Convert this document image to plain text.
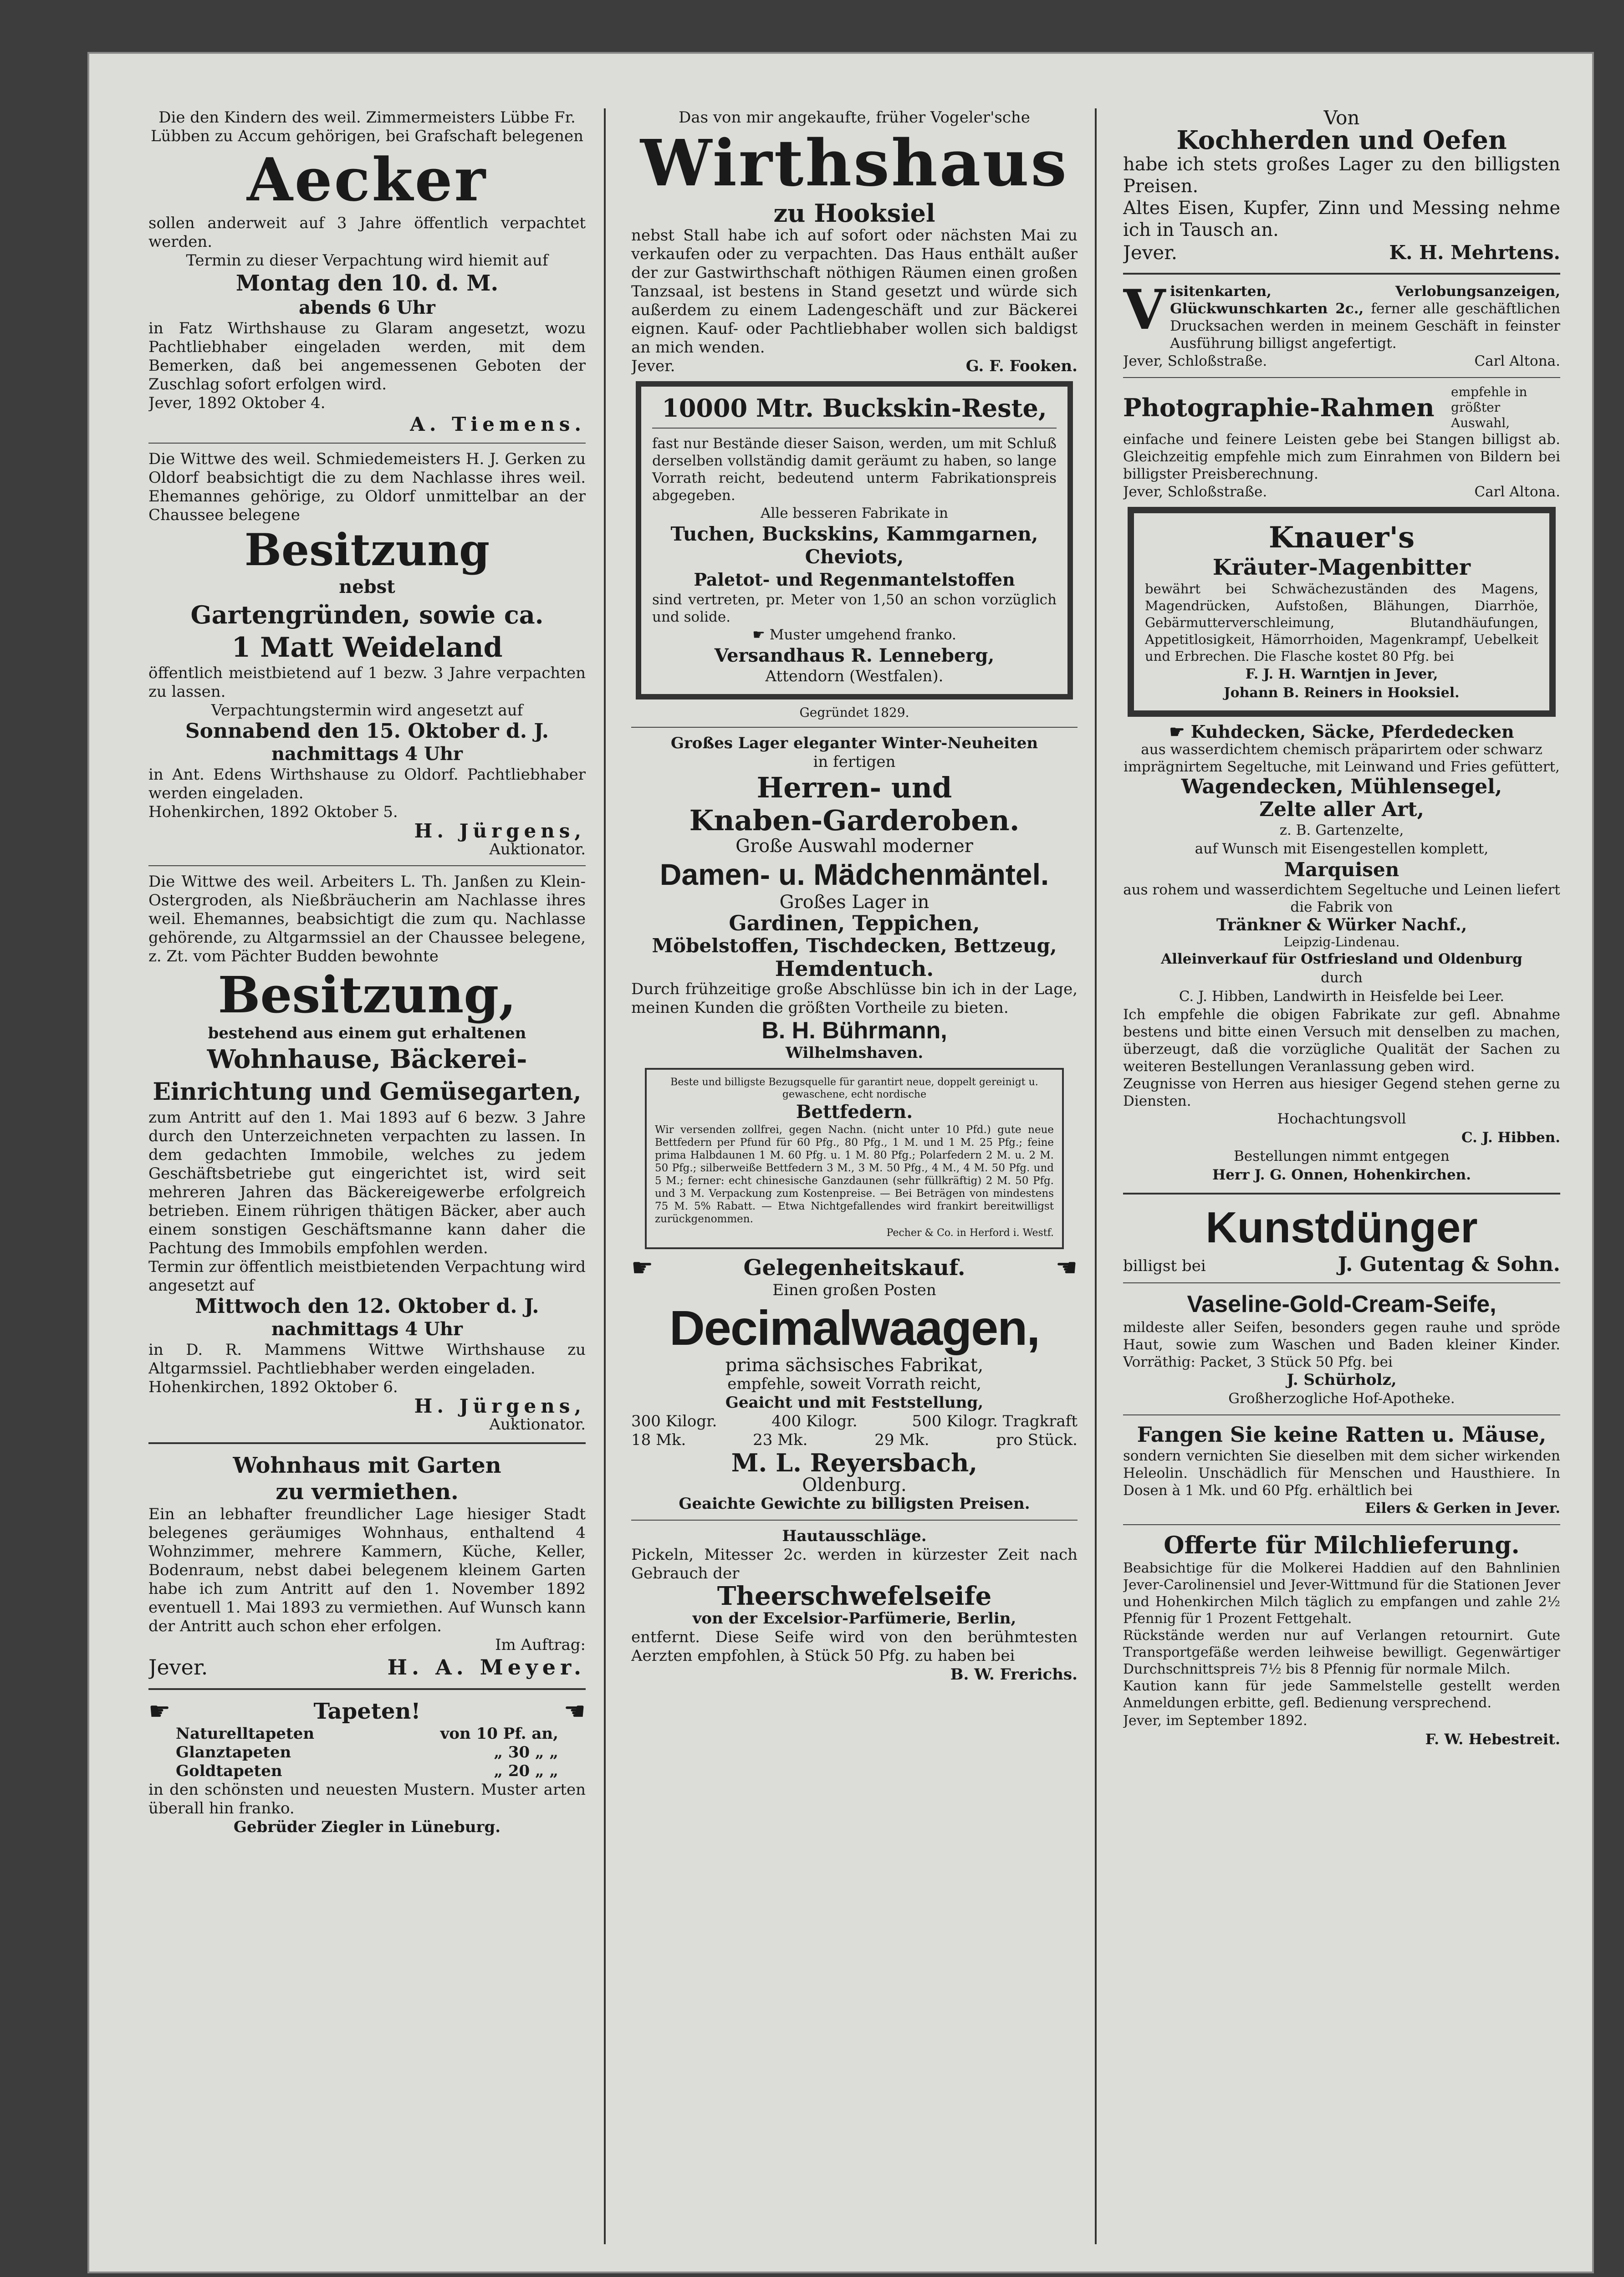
Die den Kindern des weil. Zimmermeisters Lübbe Fr. Lübben zu Accum gehörigen, bei Grafschaft belegenen

Aecker

sollen anderweit auf 3 Jahre öffentlich verpachtet werden.

Termin zu dieser Verpachtung wird hiemit auf

Montag den 10. d. M.

abends 6 Uhr

in Fatz Wirthshause zu Glaram angesetzt, wozu Pachtliebhaber eingeladen werden, mit dem Bemerken, daß bei angemessenen Geboten der Zuschlag sofort erfolgen wird.

Jever, 1892 Oktober 4.

A. Tiemens.

Die Wittwe des weil. Schmiedemeisters H. J. Gerken zu Oldorf beabsichtigt die zu dem Nachlasse ihres weil. Ehemannes gehörige, zu Oldorf unmittelbar an der Chaussee belegene

Besitzung

nebst

Gartengründen, sowie ca.

1 Matt Weideland

öffentlich meistbietend auf 1 bezw. 3 Jahre verpachten zu lassen.

Verpachtungstermin wird angesetzt auf

Sonnabend den 15. Oktober d. J.

nachmittags 4 Uhr

in Ant. Edens Wirthshause zu Oldorf. Pachtliebhaber werden eingeladen.

Hohenkirchen, 1892 Oktober 5.

H. Jürgens,

Auktionator.

Die Wittwe des weil. Arbeiters L. Th. Janßen zu Klein-Ostergroden, als Nießbräucherin am Nachlasse ihres weil. Ehemannes, beabsichtigt die zum qu. Nachlasse gehörende, zu Altgarmssiel an der Chaussee belegene, z. Zt. vom Pächter Budden bewohnte

Besitzung,

bestehend aus einem gut erhaltenen

Wohnhause, Bäckerei-

Einrichtung und Gemüsegarten,

zum Antritt auf den 1. Mai 1893 auf 6 bezw. 3 Jahre durch den Unterzeichneten verpachten zu lassen. In dem gedachten Immobile, welches zu jedem Geschäftsbetriebe gut eingerichtet ist, wird seit mehreren Jahren das Bäckereigewerbe erfolgreich betrieben. Einem rührigen thätigen Bäcker, aber auch einem sonstigen Geschäftsmanne kann daher die Pachtung des Immobils empfohlen werden.

Termin zur öffentlich meistbietenden Verpachtung wird angesetzt auf

Mittwoch den 12. Oktober d. J.

nachmittags 4 Uhr

in D. R. Mammens Wittwe Wirthshause zu Altgarmssiel. Pachtliebhaber werden eingeladen.

Hohenkirchen, 1892 Oktober 6.

H. Jürgens,

Auktionator.

Wohnhaus mit Garten

zu vermiethen.

Ein an lebhafter freundlicher Lage hiesiger Stadt belegenes geräumiges Wohnhaus, enthaltend 4 Wohnzimmer, mehrere Kammern, Küche, Keller, Bodenraum, nebst dabei belegenem kleinem Garten habe ich zum Antritt auf den 1. November 1892 eventuell 1. Mai 1893 zu vermiethen. Auf Wunsch kann der Antritt auch schon eher erfolgen.

Im Auftrag:

Jever.	H. A. Meyer.
☛	Tapeten!	☚
Naturelltapeten	von 10 Pf. an,
Glanztapeten	„ 30 „ „
Goldtapeten	„ 20 „ „

in den schönsten und neuesten Mustern. Muster arten überall hin franko.

Gebrüder Ziegler in Lüneburg.

Das von mir angekaufte, früher Vogeler'sche

Wirthshaus

zu Hooksiel

nebst Stall habe ich auf sofort oder nächsten Mai zu verkaufen oder zu verpachten. Das Haus enthält außer der zur Gastwirthschaft nöthigen Räumen einen großen Tanzsaal, ist bestens in Stand gesetzt und würde sich außerdem zu einem Ladengeschäft und zur Bäckerei eignen. Kauf- oder Pachtliebhaber wollen sich baldigst an mich wenden.

Jever.	G. F. Fooken.

10000 Mtr. Buckskin-Reste,

fast nur Bestände dieser Saison, werden, um mit Schluß derselben vollständig damit geräumt zu haben, so lange Vorrath reicht, bedeutend unterm Fabrikationspreis abgegeben.

Alle besseren Fabrikate in

Tuchen, Buckskins, Kammgarnen,

Cheviots,

Paletot- und Regenmantelstoffen

sind vertreten, pr. Meter von 1,50 an schon vorzüglich und solide.

☛ Muster umgehend franko.

Versandhaus R. Lenneberg,

Attendorn (Westfalen).

Gegründet 1829.

Großes Lager eleganter Winter-Neuheiten

in fertigen

Herren- und

Knaben-Garderoben.

Große Auswahl moderner

Damen- u. Mädchenmäntel.

Großes Lager in

Gardinen, Teppichen,

Möbelstoffen, Tischdecken, Bettzeug,

Hemdentuch.

Durch frühzeitige große Abschlüsse bin ich in der Lage, meinen Kunden die größten Vortheile zu bieten.

B. H. Bührmann,

Wilhelmshaven.

Beste und billigste Bezugsquelle für garantirt neue, doppelt gereinigt u. gewaschene, echt nordische

Bettfedern.

Wir versenden zollfrei, gegen Nachn. (nicht unter 10 Pfd.) gute neue Bettfedern per Pfund für 60 Pfg., 80 Pfg., 1 M. und 1 M. 25 Pfg.; feine prima Halbdaunen 1 M. 60 Pfg. u. 1 M. 80 Pfg.; Polarfedern 2 M. u. 2 M. 50 Pfg.; silberweiße Bettfedern 3 M., 3 M. 50 Pfg., 4 M., 4 M. 50 Pfg. und 5 M.; ferner: echt chinesische Ganzdaunen (sehr füllkräftig) 2 M. 50 Pfg. und 3 M. Verpackung zum Kostenpreise. — Bei Beträgen von mindestens 75 M. 5% Rabatt. — Etwa Nichtgefallendes wird frankirt bereitwilligst zurückgenommen.

Pecher & Co. in Herford i. Westf.

☛	Gelegenheitskauf.	☚

Einen großen Posten

Decimalwaagen,

prima sächsisches Fabrikat,

empfehle, soweit Vorrath reicht,

Geaicht und mit Feststellung,

300 Kilogr.	400 Kilogr.	500 Kilogr. Tragkraft
18 Mk.	23 Mk.	29 Mk.	pro Stück.

M. L. Reyersbach,

Oldenburg.

Geaichte Gewichte zu billigsten Preisen.

Hautausschläge.

Pickeln, Mitesser 2c. werden in kürzester Zeit nach Gebrauch der

Theerschwefelseife

von der Excelsior-Parfümerie, Berlin,

entfernt. Diese Seife wird von den berühmtesten Aerzten empfohlen, à Stück 50 Pfg. zu haben bei

B. W. Frerichs.

Von

Kochherden und Oefen

habe ich stets großes Lager zu den billigsten Preisen.

Altes Eisen, Kupfer, Zinn und Messing nehme ich in Tausch an.

Jever.	K. H. Mehrtens.
V isitenkarten, Verlobungsanzeigen, Glückwunschkarten 2c., ferner alle geschäftlichen Drucksachen werden in meinem Geschäft in feinster Ausführung billigst angefertigt.

Jever, Schloßstraße.	Carl Altona.
Photographie-Rahmen
empfehle in größter Auswahl,

einfache und feinere Leisten gebe bei Stangen billigst ab. Gleichzeitig empfehle mich zum Einrahmen von Bildern bei billigster Preisberechnung.

Jever, Schloßstraße.	Carl Altona.

Knauer's

Kräuter-Magenbitter

bewährt bei Schwächezuständen des Magens, Magendrücken, Aufstoßen, Blähungen, Diarrhöe, Gebärmutterverschleimung, Blutandhäufungen, Appetitlosigkeit, Hämorrhoiden, Magenkrampf, Uebelkeit und Erbrechen. Die Flasche kostet 80 Pfg. bei

F. J. H. Warntjen in Jever,

Johann B. Reiners in Hooksiel.

☛ Kuhdecken, Säcke, Pferdedecken

aus wasserdichtem chemisch präparirtem oder schwarz imprägnirtem Segeltuche, mit Leinwand und Fries gefüttert,

Wagendecken, Mühlensegel,

Zelte aller Art,

z. B. Gartenzelte,

auf Wunsch mit Eisengestellen komplett,

Marquisen

aus rohem und wasserdichtem Segeltuche und Leinen liefert die Fabrik von

Tränkner & Würker Nachf.,

Leipzig-Lindenau.

Alleinverkauf für Ostfriesland und Oldenburg

durch

C. J. Hibben, Landwirth in Heisfelde bei Leer.

Ich empfehle die obigen Fabrikate zur gefl. Abnahme bestens und bitte einen Versuch mit denselben zu machen, überzeugt, daß die vorzügliche Qualität der Sachen zu weiteren Bestellungen Veranlassung geben wird.

Zeugnisse von Herren aus hiesiger Gegend stehen gerne zu Diensten.

Hochachtungsvoll

C. J. Hibben.

Bestellungen nimmt entgegen

Herr J. G. Onnen, Hohenkirchen.

Kunstdünger

billigst bei	J. Gutentag & Sohn.

Vaseline-Gold-Cream-Seife,

mildeste aller Seifen, besonders gegen rauhe und spröde Haut, sowie zum Waschen und Baden kleiner Kinder. Vorräthig: Packet, 3 Stück 50 Pfg. bei

J. Schürholz,

Großherzogliche Hof-Apotheke.

Fangen Sie keine Ratten u. Mäuse,

sondern vernichten Sie dieselben mit dem sicher wirkenden Heleolin. Unschädlich für Menschen und Hausthiere. In Dosen à 1 Mk. und 60 Pfg. erhältlich bei

Eilers & Gerken in Jever.

Offerte für Milchlieferung.

Beabsichtige für die Molkerei Haddien auf den Bahnlinien Jever-Carolinensiel und Jever-Wittmund für die Stationen Jever und Hohenkirchen Milch täglich zu empfangen und zahle 2½ Pfennig für 1 Prozent Fettgehalt.

Rückstände werden nur auf Verlangen retournirt. Gute Transportgefäße werden leihweise bewilligt. Gegenwärtiger Durchschnittspreis 7½ bis 8 Pfennig für normale Milch.

Kaution kann für jede Sammelstelle gestellt werden Anmeldungen erbitte, gefl. Bedienung versprechend.

Jever, im September 1892.

F. W. Hebestreit.
